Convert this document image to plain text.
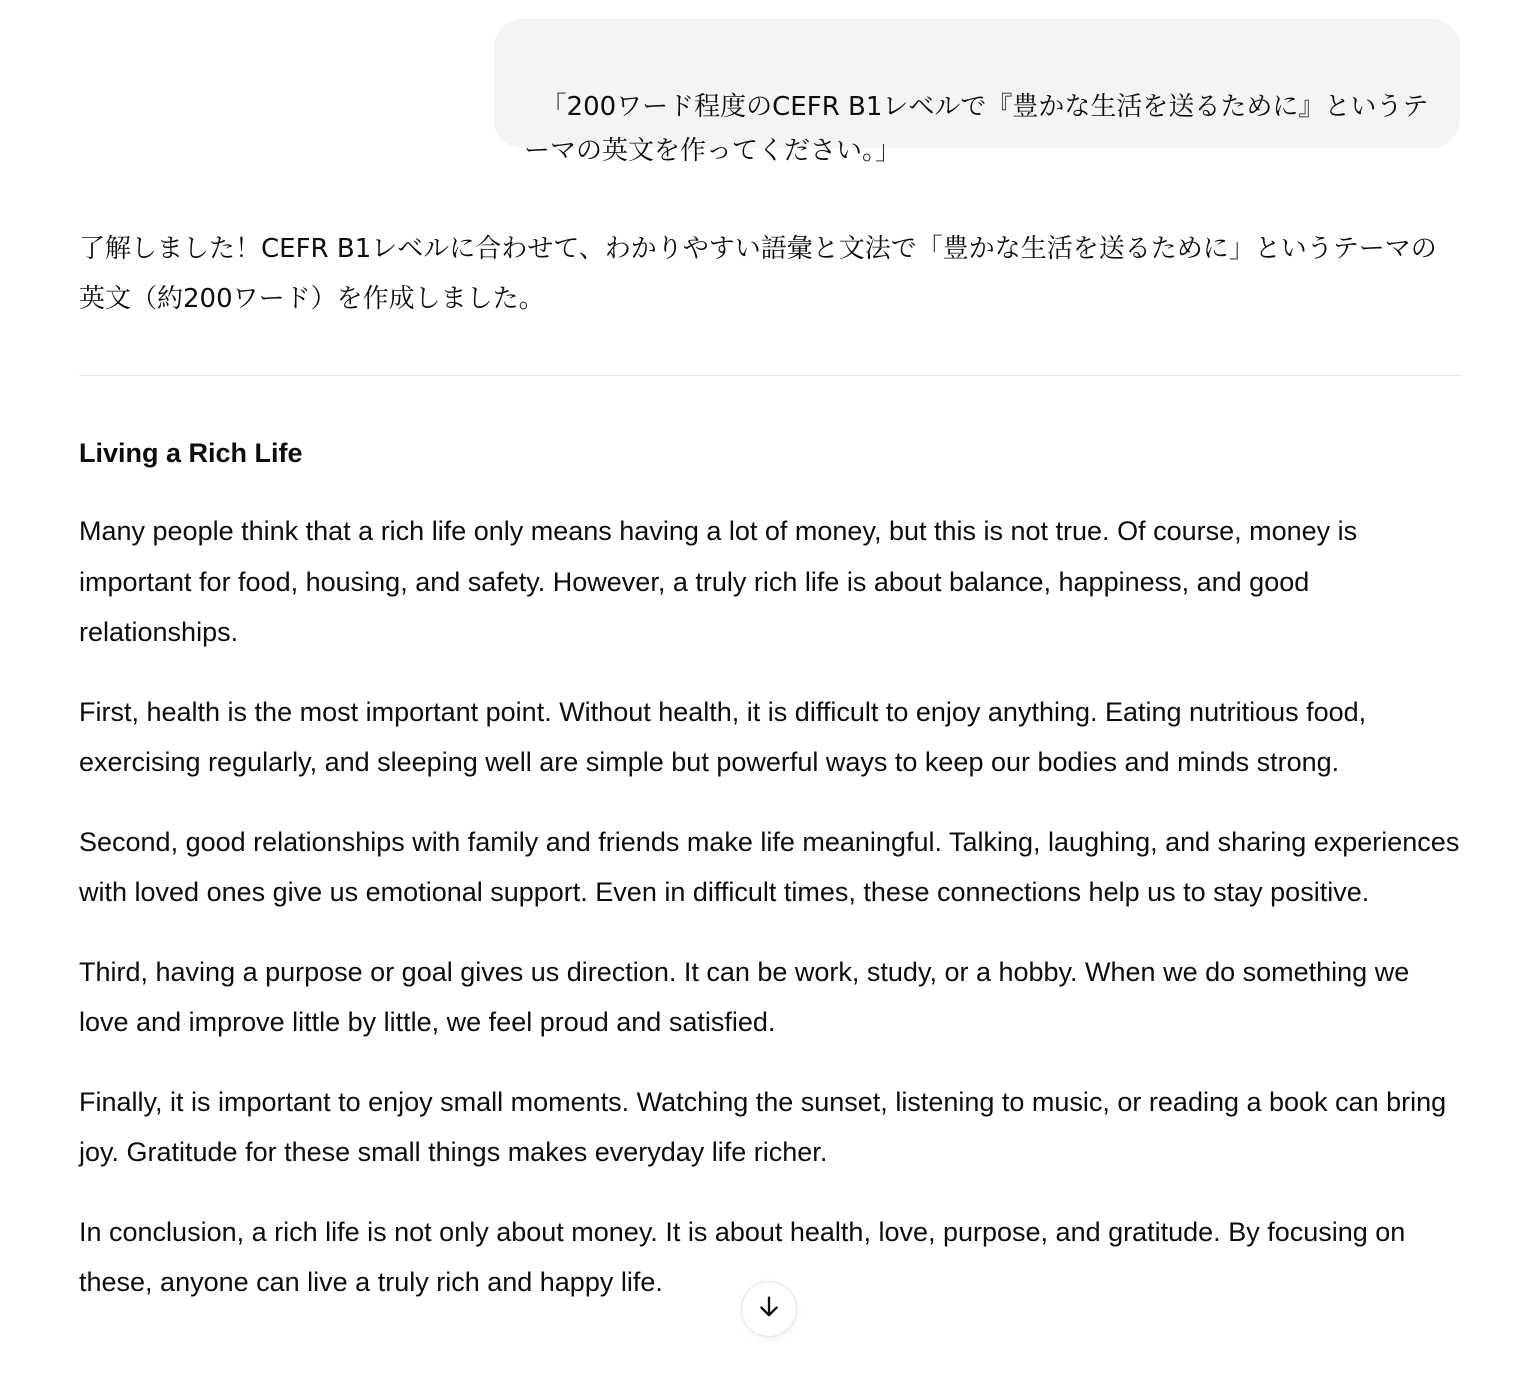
「200ワード程度のCEFR B1レベルで『豊かな生活を送るために』というテーマの英文を作ってください。」

了解しました！CEFR B1レベルに合わせて、わかりやすい語彙と文法で「豊かな生活を送るために」というテーマの英文（約200ワード）を作成しました。

Living a Rich Life

Many people think that a rich life only means having a lot of money, but this is not true. Of course, money is important for food, housing, and safety. However, a truly rich life is about balance, happiness, and good relationships.

First, health is the most important point. Without health, it is difficult to enjoy anything. Eating nutritious food, exercising regularly, and sleeping well are simple but powerful ways to keep our bodies and minds strong.

Second, good relationships with family and friends make life meaningful. Talking, laughing, and sharing experiences with loved ones give us emotional support. Even in difficult times, these connections help us to stay positive.

Third, having a purpose or goal gives us direction. It can be work, study, or a hobby. When we do something we love and improve little by little, we feel proud and satisfied.

Finally, it is important to enjoy small moments. Watching the sunset, listening to music, or reading a book can bring joy. Gratitude for these small things makes everyday life richer.

In conclusion, a rich life is not only about money. It is about health, love, purpose, and gratitude. By focusing on these, anyone can live a truly rich and happy life.
